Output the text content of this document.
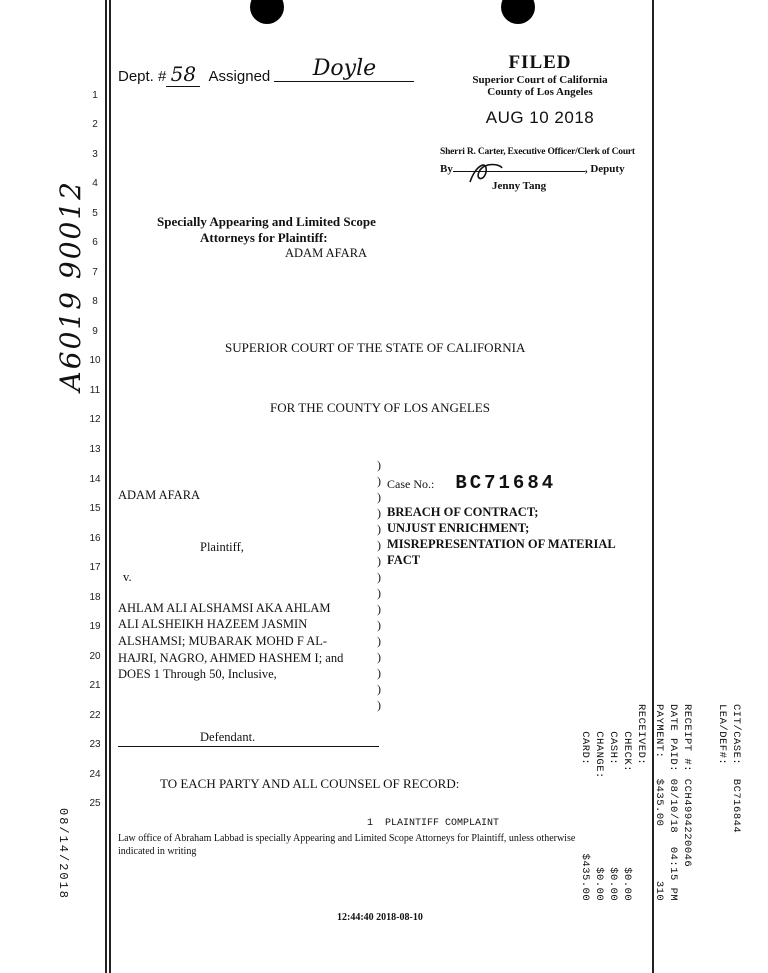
Dept. # 58 Assigned Doyle	FILED
Superior Court of California
County of Los Angeles
AUG 10 2018
Sherri R. Carter, Executive Officer/Clerk of Court
By	, Deputy
Jenny Tang
A6019 90012	Specially Appearing and Limited Scope
Attorneys for Plaintiff:
ADAM AFARA
SUPERIOR COURT OF THE STATE OF CALIFORNIA
FOR THE COUNTY OF LOS ANGELES
ADAM AFARA
Plaintiff,
v.
AHLAM ALI ALSHAMSI AKA AHLAM
ALI ALSHEIKH HAZEEM JASMIN
ALSHAMSI; MUBARAK MOHD F AL-
HAJRI, NAGRO, AHMED HASHEM I; and
DOES 1 Through 50, Inclusive,
Defendant.
)
)
)
)
)
)
)
)
)
)
)
)
)
)
)
)
Case No.: BC71684
BREACH OF CONTRACT;
UNJUST ENRICHMENT;
MISREPRESENTATION OF MATERIAL
FACT
TO EACH PARTY AND ALL COUNSEL OF RECORD:
1
2
3
4
5
6
7
8
9
10
11
12
13
14
15
16
17
18
19
20
21
22
23
24
25
1  PLAINTIFF COMPLAINT
Law office of Abraham Labbad is specially Appearing and Limited Scope Attorneys for Plaintiff, unless otherwise
indicated in writing
12:44:40 2018-08-10
08/14/2018
CIT/CASE:  BC716844
LEA/DEF#:
RECEIPT #: CCH4994220046
DATE PAID: 08/10/18  04:15 PM
PAYMENT:   $435.00        310
RECEIVED:
CHECK:              $0.00
CASH:               $0.00
CHANGE:             $0.00
CARD:             $435.00
